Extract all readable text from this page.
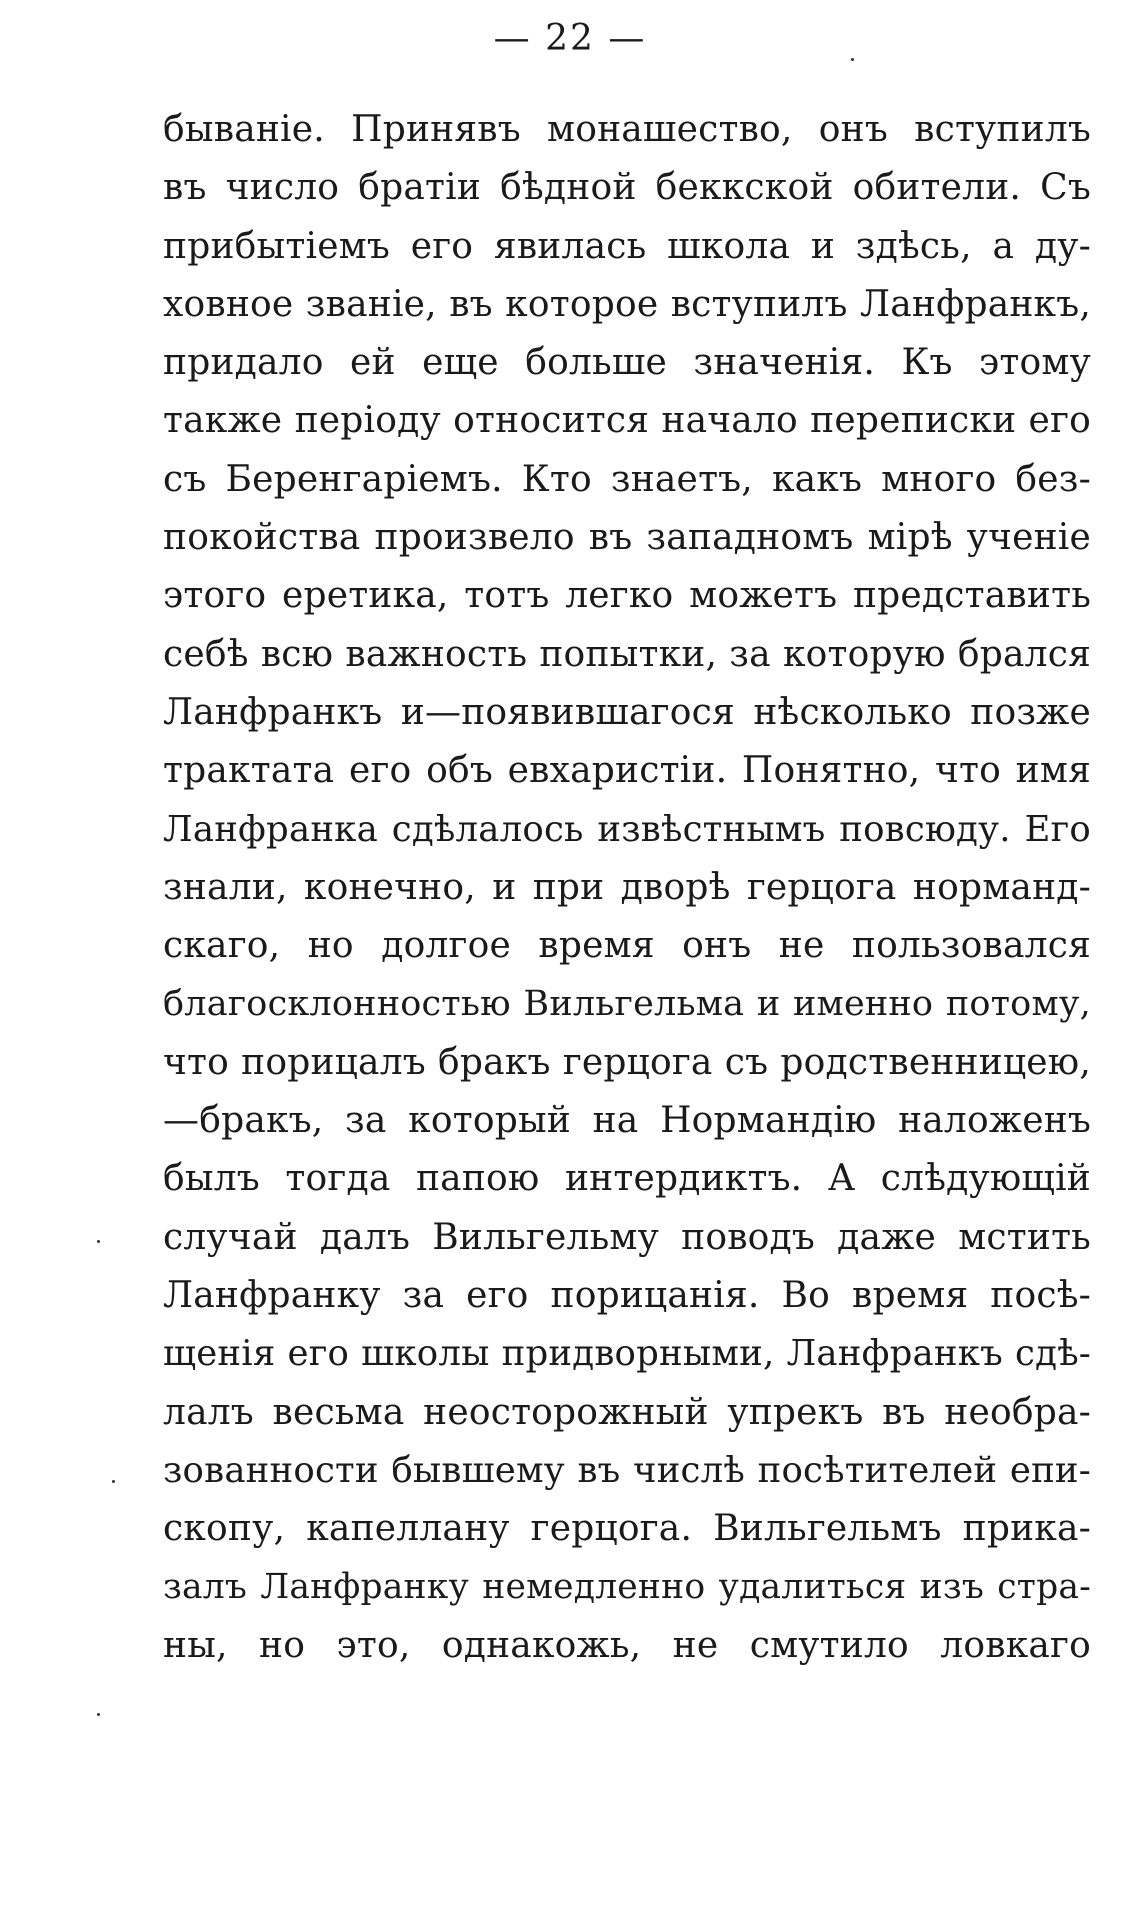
— 22 —
бываніе. Принявъ монашество, онъ вступилъ
въ число братіи бѣдной беккской обители. Съ
прибытіемъ его явилась школа и здѣсь, а ду-
ховное званіе, въ которое вступилъ Ланфранкъ,
придало ей еще больше значенія. Къ этому
также періоду относится начало переписки его
съ Беренгаріемъ. Кто знаетъ, какъ много без-
покойства произвело въ западномъ мірѣ ученіе
этого еретика, тотъ легко можетъ представить
себѣ всю важность попытки, за которую брался
Ланфранкъ и—появившагося нѣсколько позже
трактата его объ евхаристіи. Понятно, что имя
Ланфранка сдѣлалось извѣстнымъ повсюду. Его
знали, конечно, и при дворѣ герцога норманд-
скаго, но долгое время онъ не пользовался
благосклонностью Вильгельма и именно потому,
что порицалъ бракъ герцога съ родственницею,
—бракъ, за который на Нормандію наложенъ
былъ тогда папою интердиктъ. А слѣдующій
случай далъ Вильгельму поводъ даже мстить
Ланфранку за его порицанія. Во время посѣ-
щенія его школы придворными, Ланфранкъ сдѣ-
лалъ весьма неосторожный упрекъ въ необра-
зованности бывшему въ числѣ посѣтителей епи-
скопу, капеллану герцога. Вильгельмъ прика-
залъ Ланфранку немедленно удалиться изъ стра-
ны, но это, однакожь, не смутило ловкаго
